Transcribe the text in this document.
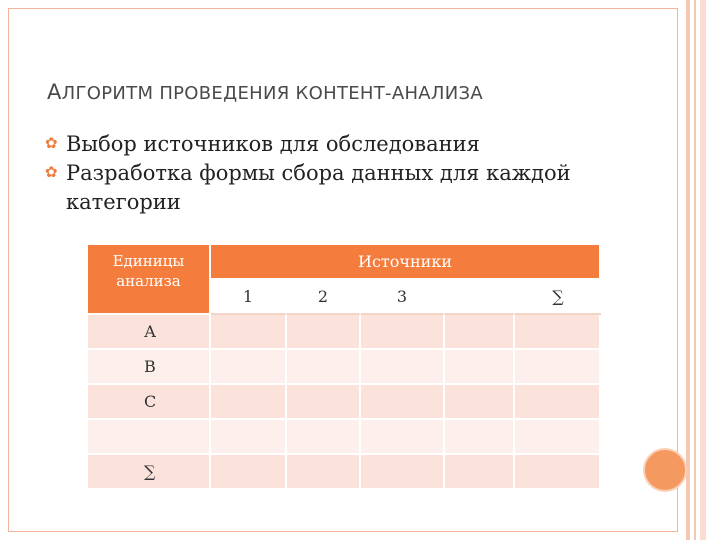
АЛГОРИТМ ПРОВЕДЕНИЯ КОНТЕНТ-АНАЛИЗА
✿ Выбор источников для обследования
✿ Разработка формы сбора данных для каждой категории
Единицы анализа	Источники				
	1	2	3		∑
А					
В					
С					

∑					
